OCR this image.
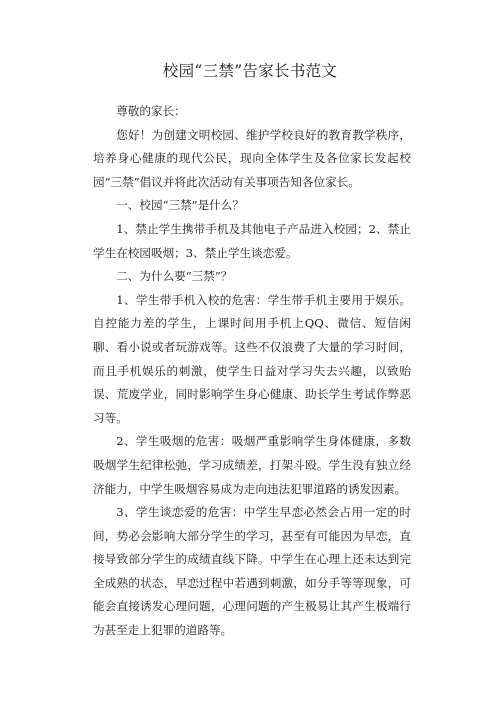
校园“三禁”告家长书范文

尊敬的家长：

您好！为创建文明校园、维护学校良好的教育教学秩序，培养身心健康的现代公民，现向全体学生及各位家长发起校园“三禁”倡议并将此次活动有关事项告知各位家长。

一、校园“三禁”是什么？

1、禁止学生携带手机及其他电子产品进入校园；2、禁止学生在校园吸烟；3、禁止学生谈恋爱。

二、为什么要“三禁”？

1、学生带手机入校的危害：学生带手机主要用于娱乐。自控能力差的学生，上课时间用手机上QQ、微信、短信闲聊、看小说或者玩游戏等。这些不仅浪费了大量的学习时间，而且手机娱乐的刺激，使学生日益对学习失去兴趣，以致贻误、荒废学业，同时影响学生身心健康、助长学生考试作弊恶习等。

2、学生吸烟的危害：吸烟严重影响学生身体健康，多数吸烟学生纪律松弛，学习成绩差，打架斗殴。学生没有独立经济能力，中学生吸烟容易成为走向违法犯罪道路的诱发因素。

3、学生谈恋爱的危害：中学生早恋必然会占用一定的时间，势必会影响大部分学生的学习，甚至有可能因为早恋，直接导致部分学生的成绩直线下降。中学生在心理上还未达到完全成熟的状态，早恋过程中若遇到刺激，如分手等等现象，可能会直接诱发心理问题，心理问题的产生极易让其产生极端行为甚至走上犯罪的道路等。
